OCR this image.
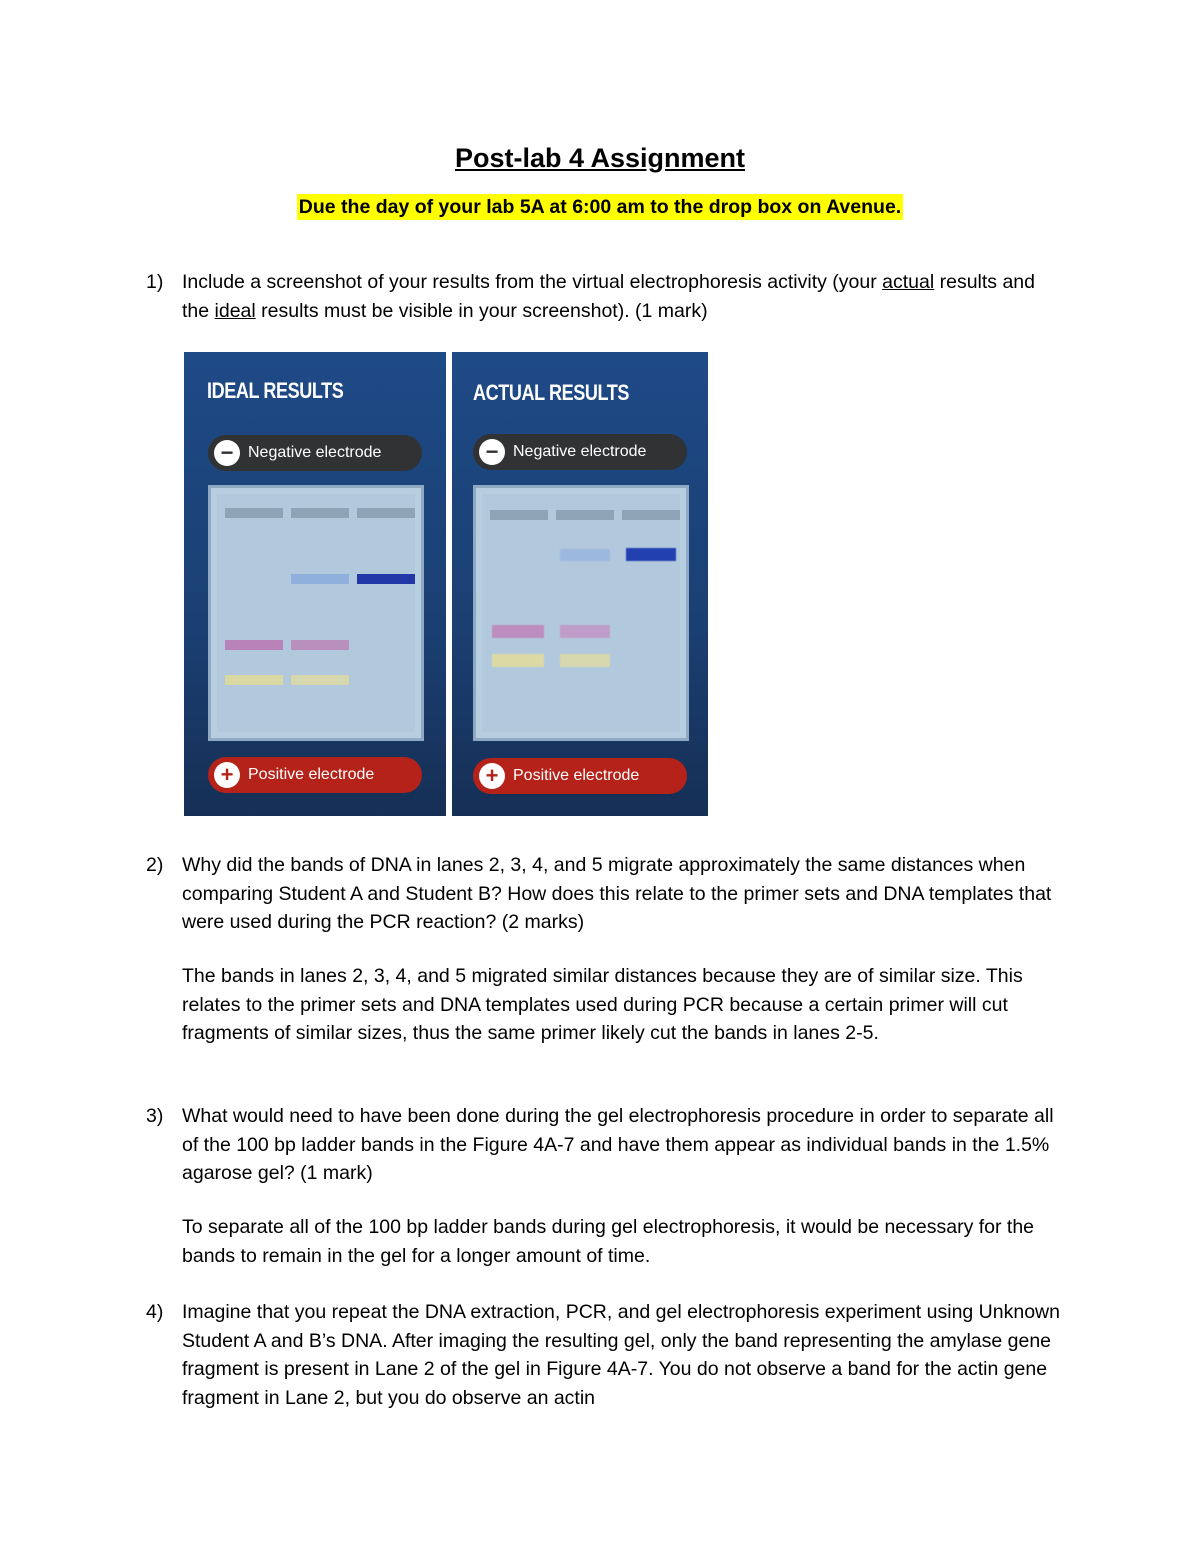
Post-lab 4 Assignment
Due the day of your lab 5A at 6:00 am to the drop box on Avenue.
1) Include a screenshot of your results from the virtual electrophoresis activity (your actual results and the ideal results must be visible in your screenshot). (1 mark)
IDEAL RESULTS
− Negative electrode
+ Positive electrode
ACTUAL RESULTS
− Negative electrode
+ Positive electrode
2) Why did the bands of DNA in lanes 2, 3, 4, and 5 migrate approximately the same distances when comparing Student A and Student B? How does this relate to the primer sets and DNA templates that were used during the PCR reaction? (2 marks)
The bands in lanes 2, 3, 4, and 5 migrated similar distances because they are of similar size. This relates to the primer sets and DNA templates used during PCR because a certain primer will cut fragments of similar sizes, thus the same primer likely cut the bands in lanes 2-5.
3) What would need to have been done during the gel electrophoresis procedure in order to separate all of the 100 bp ladder bands in the Figure 4A-7 and have them appear as individual bands in the 1.5% agarose gel? (1 mark)
To separate all of the 100 bp ladder bands during gel electrophoresis, it would be necessary for the bands to remain in the gel for a longer amount of time.
4) Imagine that you repeat the DNA extraction, PCR, and gel electrophoresis experiment using Unknown Student A and B’s DNA. After imaging the resulting gel, only the band representing the amylase gene fragment is present in Lane 2 of the gel in Figure 4A-7. You do not observe a band for the actin gene fragment in Lane 2, but you do observe an actin
